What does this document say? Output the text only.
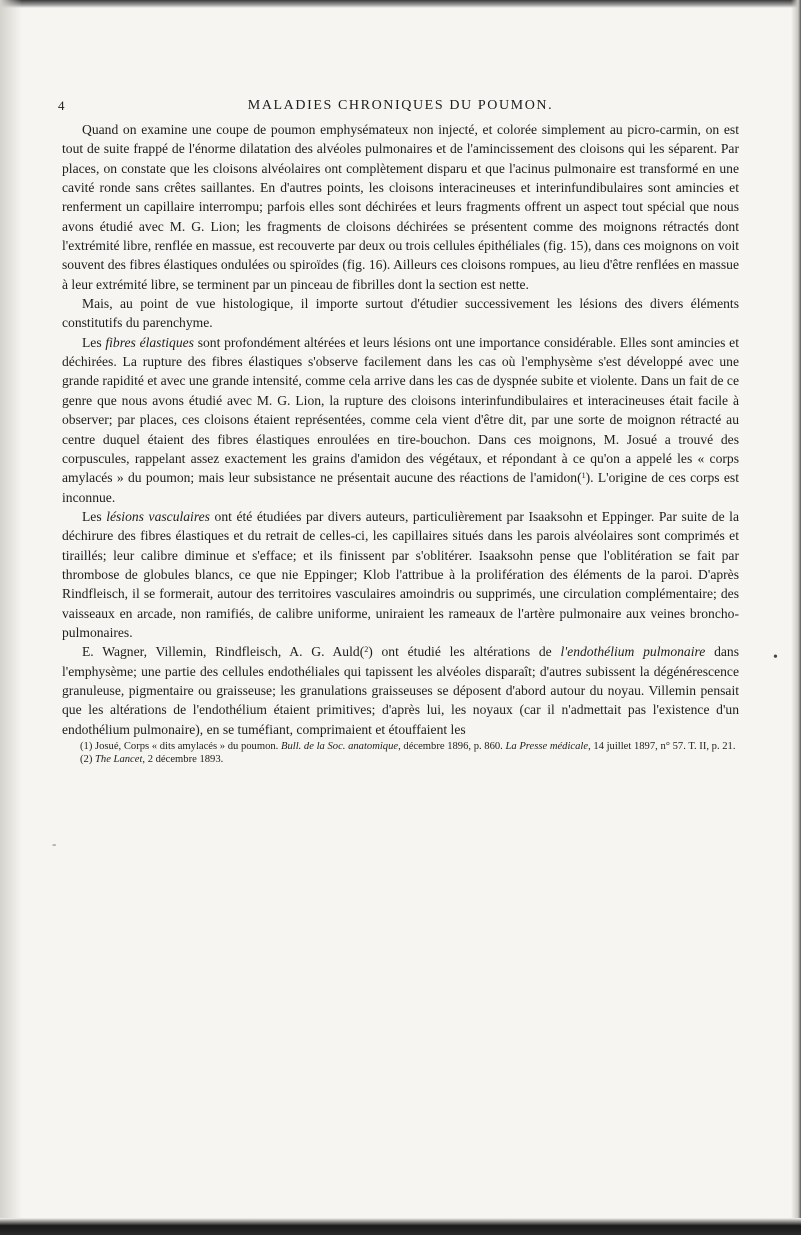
4	MALADIES CHRONIQUES DU POUMON.

Quand on examine une coupe de poumon emphysémateux non injecté, et colorée simplement au picro-carmin, on est tout de suite frappé de l'énorme dilatation des alvéoles pulmonaires et de l'amincissement des cloisons qui les séparent. Par places, on constate que les cloisons alvéolaires ont complètement disparu et que l'acinus pulmonaire est transformé en une cavité ronde sans crêtes saillantes. En d'autres points, les cloisons interacineuses et interinfundibulaires sont amincies et renferment un capillaire interrompu; parfois elles sont déchirées et leurs fragments offrent un aspect tout spécial que nous avons étudié avec M. G. Lion; les fragments de cloisons déchirées se présentent comme des moignons rétractés dont l'extrémité libre, renflée en massue, est recouverte par deux ou trois cellules épithéliales (fig. 15), dans ces moignons on voit souvent des fibres élastiques ondulées ou spiroïdes (fig. 16). Ailleurs ces cloisons rompues, au lieu d'être renflées en massue à leur extrémité libre, se terminent par un pinceau de fibrilles dont la section est nette.

Mais, au point de vue histologique, il importe surtout d'étudier successivement les lésions des divers éléments constitutifs du parenchyme.

Les fibres élastiques sont profondément altérées et leurs lésions ont une importance considérable. Elles sont amincies et déchirées. La rupture des fibres élastiques s'observe facilement dans les cas où l'emphysème s'est développé avec une grande rapidité et avec une grande intensité, comme cela arrive dans les cas de dyspnée subite et violente. Dans un fait de ce genre que nous avons étudié avec M. G. Lion, la rupture des cloisons interinfundibulaires et interacineuses était facile à observer; par places, ces cloisons étaient représentées, comme cela vient d'être dit, par une sorte de moignon rétracté au centre duquel étaient des fibres élastiques enroulées en tire-bouchon. Dans ces moignons, M. Josué a trouvé des corpuscules, rappelant assez exactement les grains d'amidon des végétaux, et répondant à ce qu'on a appelé les « corps amylacés » du poumon; mais leur subsistance ne présentait aucune des réactions de l'amidon($^1$). L'origine de ces corps est inconnue.

Les lésions vasculaires ont été étudiées par divers auteurs, particulièrement par Isaaksohn et Eppinger. Par suite de la déchirure des fibres élastiques et du retrait de celles-ci, les capillaires situés dans les parois alvéolaires sont comprimés et tiraillés; leur calibre diminue et s'efface; et ils finissent par s'oblitérer. Isaaksohn pense que l'oblitération se fait par thrombose de globules blancs, ce que nie Eppinger; Klob l'attribue à la prolifération des éléments de la paroi. D'après Rindfleisch, il se formerait, autour des territoires vasculaires amoindris ou supprimés, une circulation complémentaire; des vaisseaux en arcade, non ramifiés, de calibre uniforme, uniraient les rameaux de l'artère pulmonaire aux veines broncho-pulmonaires.

E. Wagner, Villemin, Rindfleisch, A. G. Auld($^2$) ont étudié les altérations de l'endothélium pulmonaire dans l'emphysème; une partie des cellules endothéliales qui tapissent les alvéoles disparaît; d'autres subissent la dégénérescence granuleuse, pigmentaire ou graisseuse; les granulations graisseuses se déposent d'abord autour du noyau. Villemin pensait que les altérations de l'endothélium étaient primitives; d'après lui, les noyaux (car il n'admettait pas l'existence d'un endothélium pulmonaire), en se tuméfiant, comprimaient et étouffaient les

(1) Josué, Corps « dits amylacés » du poumon. Bull. de la Soc. anatomique, décembre 1896, p. 860. La Presse médicale, 14 juillet 1897, n° 57. T. II, p. 21.

(2) The Lancet, 2 décembre 1893.

-
•
